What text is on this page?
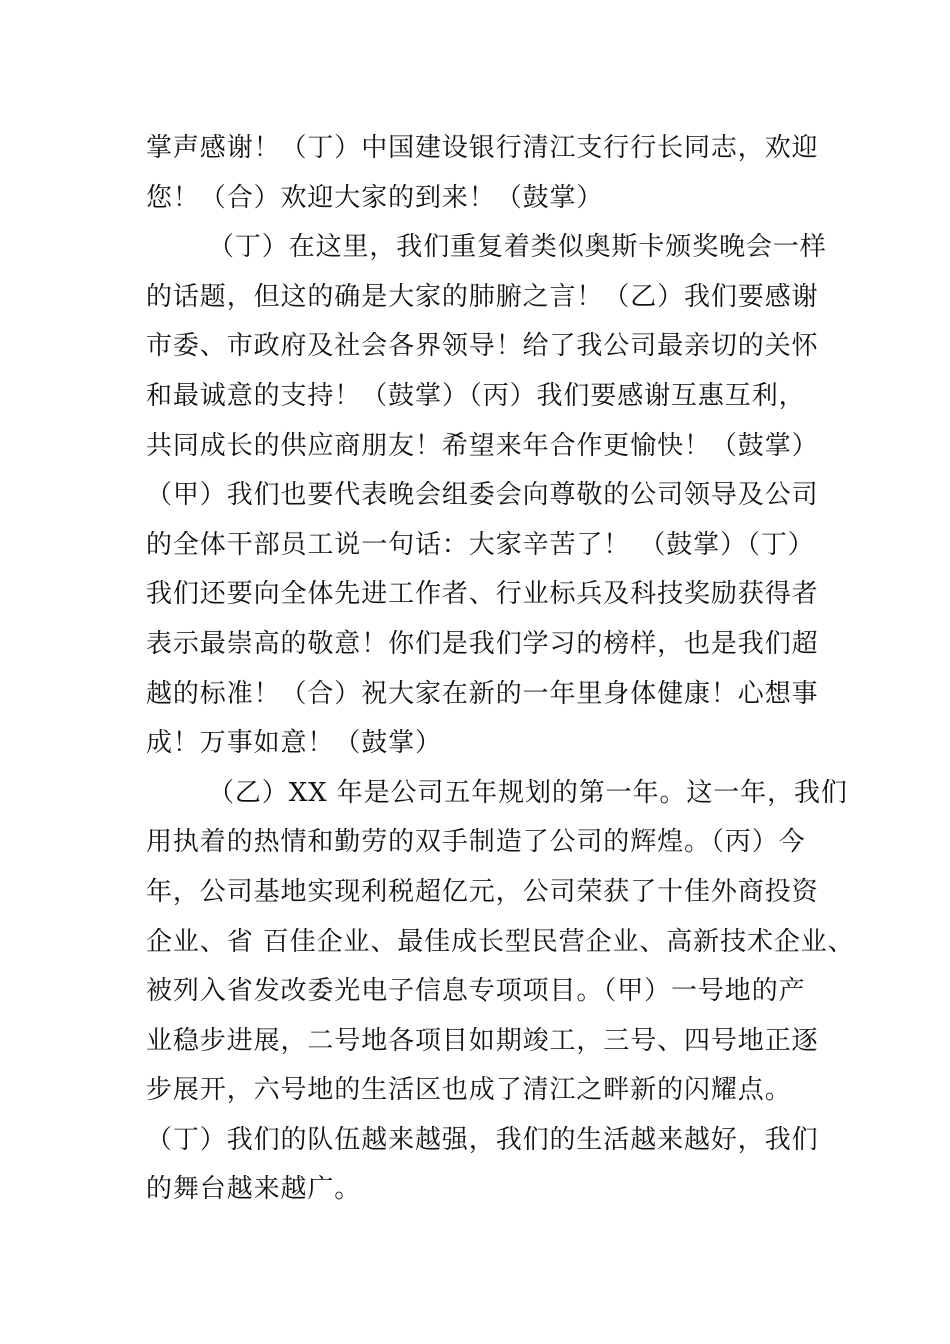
掌声感谢！（丁）中国建设银行清江支行行长同志，欢迎
您！（合）欢迎大家的到来！（鼓掌）
（丁）在这里，我们重复着类似奥斯卡颁奖晚会一样
的话题，但这的确是大家的肺腑之言！（乙）我们要感谢
市委、市政府及社会各界领导！给了我公司最亲切的关怀
和最诚意的支持！（鼓掌）（丙）我们要感谢互惠互利，
共同成长的供应商朋友！希望来年合作更愉快！（鼓掌）
（甲）我们也要代表晚会组委会向尊敬的公司领导及公司
的全体干部员工说一句话：大家辛苦了！ （鼓掌）（丁）
我们还要向全体先进工作者、行业标兵及科技奖励获得者
表示最崇高的敬意！你们是我们学习的榜样，也是我们超
越的标准！（合）祝大家在新的一年里身体健康！心想事
成！万事如意！（鼓掌）
（乙）XX 年是公司五年规划的第一年。这一年，我们
用执着的热情和勤劳的双手制造了公司的辉煌。（丙）今
年，公司基地实现利税超亿元，公司荣获了十佳外商投资
企业、省 百佳企业、最佳成长型民营企业、高新技术企业、
被列入省发改委光电子信息专项项目。（甲）一号地的产
业稳步进展，二号地各项目如期竣工，三号、四号地正逐
步展开，六号地的生活区也成了清江之畔新的闪耀点。
（丁）我们的队伍越来越强，我们的生活越来越好，我们
的舞台越来越广。
